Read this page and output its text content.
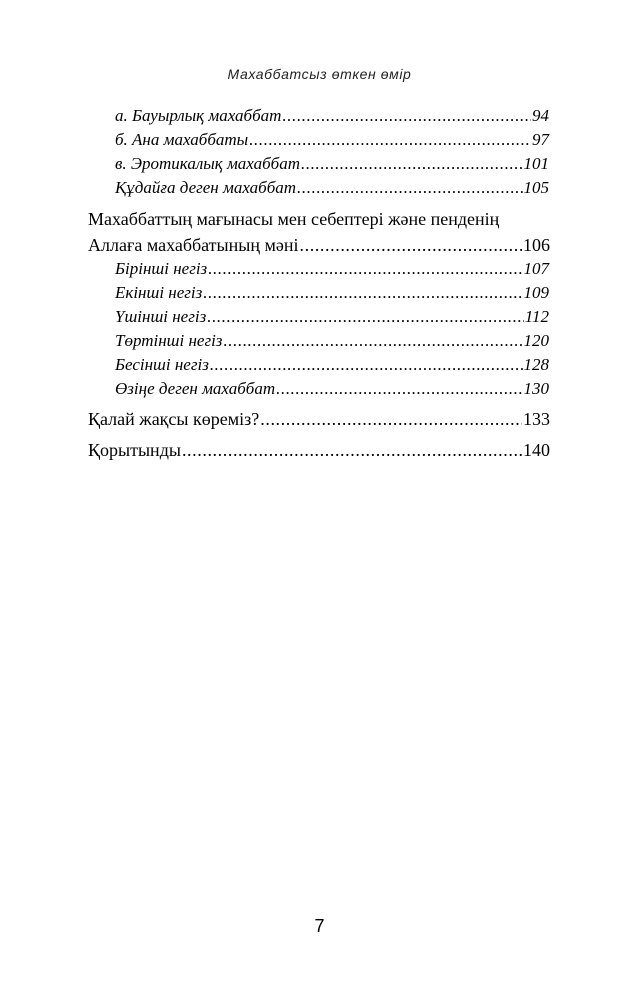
Махаббатсыз өткен өмір
а. Бауырлық махаббат .....	94
б. Ана махаббаты .....	97
в. Эротикалық махаббат .....	101
Құдайға деген махаббат .....	105
Махаббаттың мағынасы мен себептері және пенденің
Аллаға махаббатының мәні .....	106
Бірінші негіз .....	107
Екінші негіз .....	109
Үшінші негіз .....	112
Төртінші негіз .....	120
Бесінші негіз .....	128
Өзіңе деген махаббат .....	130
Қалай жақсы көреміз? .....	133
Қорытынды .....	140
7
